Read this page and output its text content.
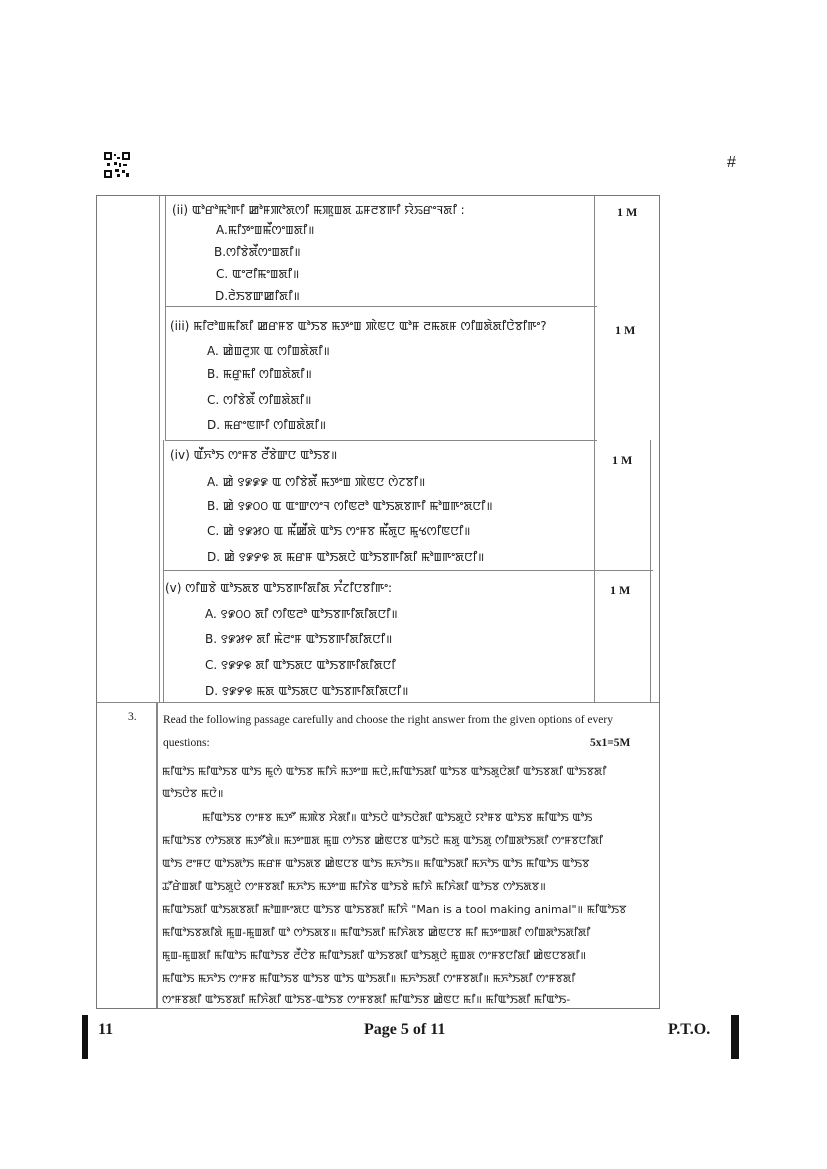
#
(ii) ꯑꯣꯔꯣꯃꯣꯒꯤ ꯀꯣꯝꯄꯣꯗꯁꯤ ꯃꯄꯨꯡꯗ ꯊꯝꯂꯕꯒꯤ ꯌꯥꯢꯔꯦꯜꯗꯤ :	1 M
A.ꯃꯤꯇꯦꯡꯃꯩꯁꯦꯡꯗꯤ॥
B.ꯁꯤꯕꯥꯗꯩꯁꯦꯡꯗꯤ॥
C. ꯑꯦꯂꯤꯃꯦꯡꯗꯤ॥
D.ꯂꯥꯏꯕꯛꯀꯤꯗꯤ॥
(iii) ꯃꯤꯂꯣꯡꯃꯤꯗꯤ ꯀꯔꯝꯕ ꯑꯣꯏꯕ ꯃꯇꯦꯡ ꯄꯥꯟꯅ ꯑꯣꯝ ꯂꯃꯗꯝ ꯁꯤꯡꯗꯥꯗꯤꯅꯥꯕꯤꯒꯦ?	1 M
A. ꯀꯥꯡꯂꯨꯞ ꯑ ꯁꯤꯡꯗꯥꯗꯤ॥
B. ꯃꯔꯨꯃꯤ ꯁꯤꯡꯗꯥꯗꯤ॥
C. ꯁꯤꯕꯥꯗꯩ ꯁꯤꯡꯗꯥꯗꯤ॥
D. ꯃꯔꯦꯟꯒꯤ ꯁꯤꯡꯗꯥꯗꯤ॥
(iv) ꯑꯩꯈꯣꯏ ꯁꯦꯝꯕ ꯂꯩꯕꯥꯛꯅ ꯑꯣꯏꯕ॥	1 M
A. ꯀꯥ ꯱꯹꯹꯹ ꯑ ꯁꯤꯕꯥꯗꯩ ꯃꯇꯦꯡ ꯄꯥꯟꯅ ꯁꯥꯖꯕꯤ॥
B. ꯀꯥ ꯱꯹꯰꯰ ꯑ ꯑꯦꯛꯁꯦꯜ ꯁꯤꯟꯂꯣ ꯑꯣꯏꯗꯕꯒꯤ ꯃꯣꯡꯒꯦꯗꯅꯤ॥
C. ꯀꯥ ꯱꯹꯷꯰ ꯑ ꯃꯩꯀꯩꯗꯥ ꯑꯣꯏ ꯁꯦꯝꯕ ꯃꯩꯗꯨꯅ ꯃꯨꯠꯁꯤꯟꯅꯤ॥
D. ꯀꯥ ꯱꯹꯸꯶ ꯗ ꯃꯔꯝ ꯑꯣꯏꯗꯅꯥ ꯑꯣꯏꯕꯒꯤꯗꯤ ꯃꯣꯡꯒꯦꯗꯅꯤ॥
(v) ꯁꯤꯡꯕꯥ ꯑꯣꯏꯗꯕ ꯑꯣꯏꯕꯒꯤꯗꯤꯗ ꯈꯪꯖꯤꯅꯕꯤꯒꯦ:	1 M
A. ꯱꯹꯰꯰ ꯗꯤ ꯁꯤꯟꯂꯣ ꯑꯣꯏꯕꯒꯤꯗꯤꯗꯅꯤ॥
B. ꯱꯹꯷꯵ ꯗꯤ ꯃꯥꯂꯦꯝ ꯑꯣꯏꯕꯒꯤꯗꯤꯗꯅꯤ॥
C. ꯱꯹꯸꯶ ꯗꯤ ꯑꯣꯏꯗꯅ ꯑꯣꯏꯕꯒꯤꯗꯤꯗꯅꯤ
D. ꯱꯹꯸꯶ ꯃꯗ ꯑꯣꯏꯗꯅ ꯑꯣꯏꯕꯒꯤꯗꯤꯗꯅꯤ॥
3. Read the following passage carefully and choose the right answer from the given options of every
questions:	5x1=5M
ꯃꯤꯑꯣꯏ ꯃꯤꯑꯣꯏꯕ ꯑꯣꯏ ꯃꯨꯁꯥ ꯑꯣꯏꯕ ꯃꯤꯈꯥ ꯃꯇꯦꯡ ꯃꯅꯥ,ꯃꯤꯑꯣꯏꯗꯤ ꯑꯣꯏꯕ ꯑꯣꯏꯗꯨꯅꯥꯗꯤ ꯑꯣꯏꯕꯗꯤ ꯑꯣꯏꯕꯗꯤ
ꯑꯣꯏꯅꯥꯕ ꯃꯅꯥ॥
ꯃꯤꯑꯣꯏꯕ ꯁꯦꯝꯕ ꯃꯇꯧ ꯃꯄꯥꯕ ꯆꯥꯗꯤ॥ ꯑꯣꯏꯅꯥ ꯑꯣꯏꯅꯥꯗꯤ ꯑꯣꯏꯗꯨꯅꯥ ꯌꯣꯝꯕ ꯑꯣꯏꯕ ꯃꯤꯑꯣꯏ ꯑꯣꯏ
ꯃꯤꯑꯣꯏꯕ ꯁꯣꯏꯗꯕ ꯃꯇꯧꯗꯥ॥ ꯃꯇꯦꯡꯗ ꯃꯨꯡ ꯁꯣꯏꯕ ꯀꯥꯟꯅꯕ ꯑꯣꯏꯅꯥ ꯃꯗꯨ ꯑꯣꯏꯗꯨ ꯁꯤꯡꯗꯣꯏꯗꯤ ꯁꯦꯝꯕꯅꯤꯗꯤ
ꯑꯣꯏ ꯂꯦꯝꯅ ꯑꯣꯏꯗꯣꯏ ꯃꯔꯝ ꯑꯣꯏꯗꯕ ꯀꯥꯟꯅꯕ ꯑꯣꯏ ꯃꯈꯣꯏ॥ ꯃꯤꯑꯣꯏꯗꯤ ꯃꯈꯣꯏ ꯑꯣꯏ ꯃꯤꯑꯣꯏ ꯑꯣꯏꯕ
ꯊꯧꯔꯥꯡꯗꯤ ꯑꯣꯏꯗꯨꯅꯥ ꯁꯦꯝꯕꯗꯤ ꯃꯈꯣꯏ ꯃꯇꯦꯡ ꯃꯤꯈꯥꯕ ꯑꯣꯏꯕꯥ ꯃꯤꯈꯥ ꯃꯤꯈꯥꯗꯤ ꯑꯣꯏꯕ ꯁꯣꯏꯗꯕ॥
ꯃꯤꯑꯣꯏꯗꯤ ꯑꯣꯏꯗꯕꯗꯤ ꯃꯣꯡꯒꯦꯗꯅ ꯑꯣꯏꯕ ꯑꯣꯏꯕꯗꯤ ꯃꯤꯈꯥ "Man is a tool making animal"॥ ꯃꯤꯑꯣꯏꯕ
ꯃꯤꯑꯣꯏꯕꯗꯤꯗꯥ ꯃꯨꯡ-ꯃꯨꯡꯗꯤ ꯑꯣ ꯁꯣꯏꯗꯕ॥ ꯃꯤꯑꯣꯏꯗꯤ ꯃꯤꯈꯥꯗꯕ ꯀꯥꯟꯅꯕ ꯃꯤ ꯃꯇꯦꯡꯗꯤ ꯁꯤꯡꯗꯣꯏꯗꯤꯗꯤ
ꯃꯨꯡ-ꯃꯨꯡꯗꯤ ꯃꯤꯑꯣꯏ ꯃꯤꯑꯣꯏꯕ ꯂꯩꯅꯥꯕ ꯃꯤꯑꯣꯏꯗꯤ ꯑꯣꯏꯕꯗꯤ ꯑꯣꯏꯗꯨꯅꯥ ꯃꯨꯡꯗ ꯁꯦꯝꯕꯅꯤꯗꯤ ꯀꯥꯟꯅꯕꯗꯤ॥
ꯃꯤꯑꯣꯏ ꯃꯈꯣꯏ ꯁꯦꯝꯕ ꯃꯤꯑꯣꯏꯕ ꯑꯣꯏꯕ ꯑꯣꯏ ꯑꯣꯏꯗꯤ॥ ꯃꯈꯣꯏꯗꯤ ꯁꯦꯝꯕꯗꯤ॥ ꯃꯈꯣꯏꯗꯤ ꯁꯦꯝꯕꯗꯤ
ꯁꯦꯝꯕꯗꯤ ꯑꯣꯏꯕꯗꯤ ꯃꯤꯈꯥꯗꯤ ꯑꯣꯏꯕ-ꯑꯣꯏꯕ ꯁꯦꯝꯕꯗꯤ ꯃꯤꯑꯣꯏꯕ ꯀꯥꯟꯅ ꯃꯤ॥ ꯃꯤꯑꯣꯏꯗꯤ ꯃꯤꯑꯣꯏ-
11	Page 5 of 11	P.T.O.
